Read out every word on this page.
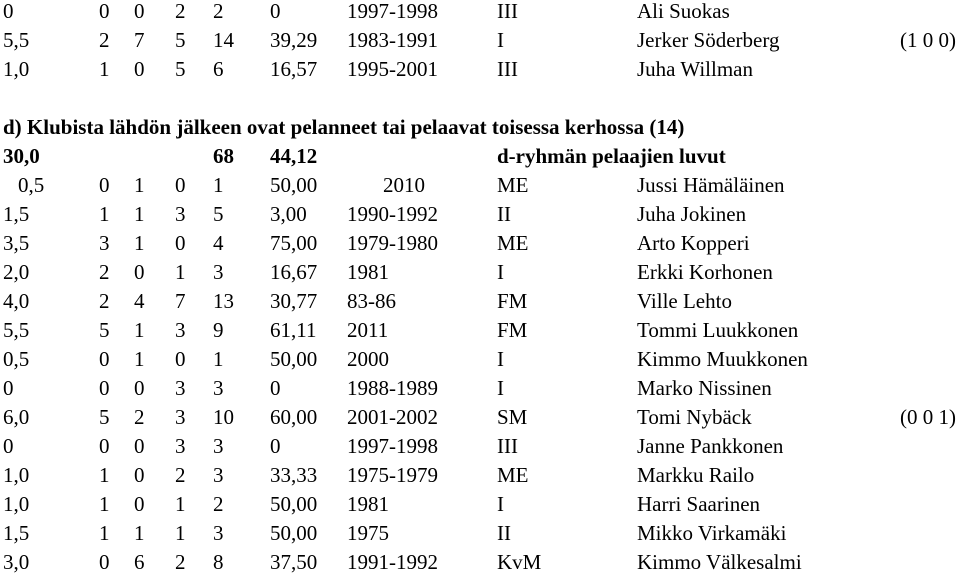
0	0 0 2 2 0	1997-1998	III	Ali Suokas
5,5	2 7 5 14 39,29 1983-1991	I	Jerker Söderberg	(1 0 0)
1,0	1 0 5 6 16,57 1995-2001	III	Juha Willman
d) Klubista lähdön jälkeen ovat pelanneet tai pelaavat toisessa kerhossa (14)
30,0	68 44,12	d-ryhmän pelaajien luvut
0,5	0 1 0 1 50,00	2010	ME	Jussi Hämäläinen
1,5	1 1 3 5 3,00 1990-1992	II	Juha Jokinen
3,5	3 1 0 4 75,00 1979-1980	ME	Arto Kopperi
2,0	2 0 1 3 16,67 1981	I	Erkki Korhonen
4,0	2 4 7 13 30,77 83-86	FM	Ville Lehto
5,5	5 1 3 9 61,11 2011	FM	Tommi Luukkonen
0,5	0 1 0 1 50,00 2000	I	Kimmo Muukkonen
0	0 0 3 3 0	1988-1989	I	Marko Nissinen
6,0	5 2 3 10 60,00 2001-2002	SM	Tomi Nybäck	(0 0 1)
0	0 0 3 3 0	1997-1998	III	Janne Pankkonen
1,0	1 0 2 3 33,33 1975-1979	ME	Markku Railo
1,0	1 0 1 2 50,00 1981	I	Harri Saarinen
1,5	1 1 1 3 50,00 1975	II	Mikko Virkamäki
3,0	0 6 2 8 37,50 1991-1992	KvM	Kimmo Välkesalmi
